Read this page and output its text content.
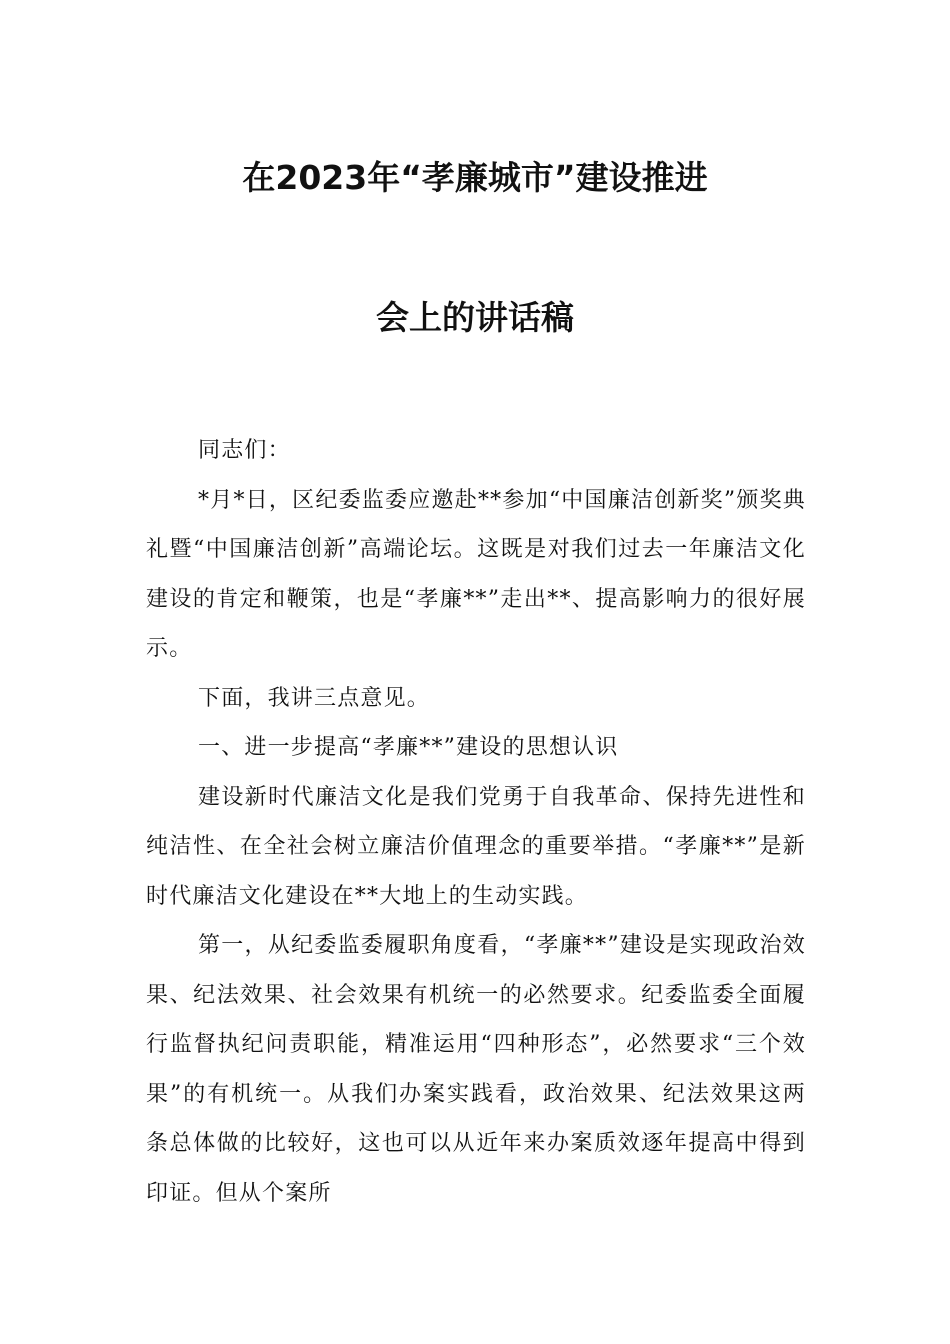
在2023年“孝廉城市”建设推进
会上的讲话稿

同志们：

*月*日，区纪委监委应邀赴**参加“中国廉洁创新奖”颁奖典礼暨“中国廉洁创新”高端论坛。这既是对我们过去一年廉洁文化建设的肯定和鞭策，也是“孝廉**”走出**、提高影响力的很好展示。

下面，我讲三点意见。

一、进一步提高“孝廉**”建设的思想认识

建设新时代廉洁文化是我们党勇于自我革命、保持先进性和纯洁性、在全社会树立廉洁价值理念的重要举措。“孝廉**”是新时代廉洁文化建设在**大地上的生动实践。

第一，从纪委监委履职角度看，“孝廉**”建设是实现政治效果、纪法效果、社会效果有机统一的必然要求。纪委监委全面履行监督执纪问责职能，精准运用“四种形态”，必然要求“三个效果”的有机统一。从我们办案实践看，政治效果、纪法效果这两条总体做的比较好，这也可以从近年来办案质效逐年提高中得到印证。但从个案所
